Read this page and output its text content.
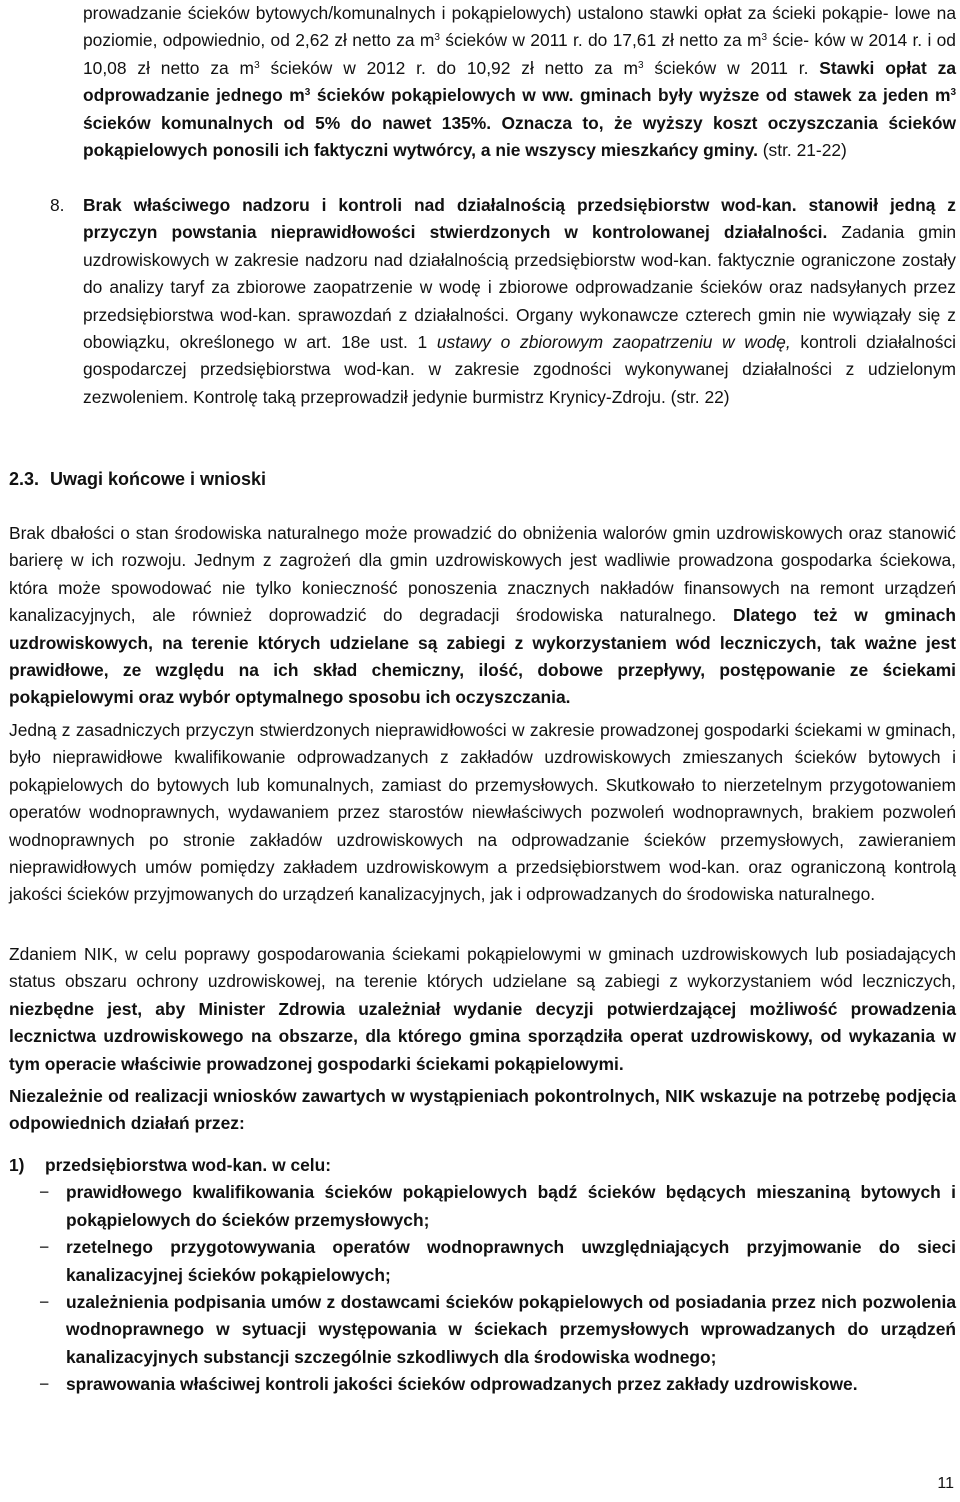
prowadzanie ścieków bytowych/komunalnych i pokąpielowych) ustalono stawki opłat za ścieki pokąpie- lowe na poziomie, odpowiednio, od 2,62 zł netto za $m^3$ ścieków w 2011 r. do 17,61 zł netto za $m^3$ ście- ków w 2014 r. i od 10,08 zł netto za $m^3$ ścieków w 2012 r. do 10,92 zł netto za $m^3$ ścieków w 2011 r. Stawki opłat za odprowadzanie jednego $m^3$ ścieków pokąpielowych w ww. gminach były wyższe od stawek za jeden $m^3$ ścieków komunalnych od 5% do nawet 135%. Oznacza to, że wyższy koszt oczyszczania ścieków pokąpielowych ponosili ich faktyczni wytwórcy, a nie wszyscy mieszkańcy gminy. (str. 21-22)

8.	Brak właściwego nadzoru i kontroli nad działalnością przedsiębiorstw wod-kan. stanowił jedną z przyczyn powstania nieprawidłowości stwierdzonych w kontrolowanej działalności. Zadania gmin uzdrowiskowych w zakresie nadzoru nad działalnością przedsiębiorstw wod-kan. faktycznie ograniczone zostały do analizy taryf za zbiorowe zaopatrzenie w wodę i zbiorowe odprowadzanie ścieków oraz nadsyłanych przez przedsiębiorstwa wod-kan. sprawozdań z działalności. Organy wykonawcze czterech gmin nie wywiązały się z obowiązku, określonego w art. 18e ust. 1 ustawy o zbiorowym zaopatrzeniu w wodę, kontroli działalności gospodarczej przedsiębiorstwa wod-kan. w zakresie zgodności wykonywanej działalności z udzielonym zezwoleniem. Kontrolę taką przeprowadził jedynie burmistrz Krynicy-Zdroju. (str. 22)

2.3. Uwagi końcowe i wnioski

Brak dbałości o stan środowiska naturalnego może prowadzić do obniżenia walorów gmin uzdrowiskowych oraz stanowić barierę w ich rozwoju. Jednym z zagrożeń dla gmin uzdrowiskowych jest wadliwie prowadzona gospodarka ściekowa, która może spowodować nie tylko konieczność ponoszenia znacznych nakładów finansowych na remont urządzeń kanalizacyjnych, ale również doprowadzić do degradacji środowiska naturalnego. Dlatego też w gminach uzdrowiskowych, na terenie których udzielane są zabiegi z wykorzystaniem wód leczniczych, tak ważne jest prawidłowe, ze względu na ich skład chemiczny, ilość, dobowe przepływy, postępowanie ze ściekami pokąpielowymi oraz wybór optymalnego sposobu ich oczyszczania.

Jedną z zasadniczych przyczyn stwierdzonych nieprawidłowości w zakresie prowadzonej gospodarki ściekami w gminach, było nieprawidłowe kwalifikowanie odprowadzanych z zakładów uzdrowiskowych zmieszanych ścieków bytowych i pokąpielowych do bytowych lub komunalnych, zamiast do przemysłowych. Skutkowało to nierzetelnym przygotowaniem operatów wodnoprawnych, wydawaniem przez starostów niewłaściwych pozwoleń wodnoprawnych, brakiem pozwoleń wodnoprawnych po stronie zakładów uzdrowiskowych na odprowadzanie ścieków przemysłowych, zawieraniem nieprawidłowych umów pomiędzy zakładem uzdrowiskowym a przedsiębiorstwem wod-kan. oraz ograniczoną kontrolą jakości ścieków przyjmowanych do urządzeń kanalizacyjnych, jak i odprowadzanych do środowiska naturalnego.

Zdaniem NIK, w celu poprawy gospodarowania ściekami pokąpielowymi w gminach uzdrowiskowych lub posiadających status obszaru ochrony uzdrowiskowej, na terenie których udzielane są zabiegi z wykorzystaniem wód leczniczych, niezbędne jest, aby Minister Zdrowia uzależniał wydanie decyzji potwierdzającej możliwość prowadzenia lecznictwa uzdrowiskowego na obszarze, dla którego gmina sporządziła operat uzdrowiskowy, od wykazania w tym operacie właściwie prowadzonej gospodarki ściekami pokąpielowymi.

Niezależnie od realizacji wniosków zawartych w wystąpieniach pokontrolnych, NIK wskazuje na potrzebę podjęcia odpowiednich działań przez:

1) przedsiębiorstwa wod-kan. w celu:
− prawidłowego kwalifikowania ścieków pokąpielowych bądź ścieków będących mieszaniną bytowych i pokąpielowych do ścieków przemysłowych;
− rzetelnego przygotowywania operatów wodnoprawnych uwzględniających przyjmowanie do sieci kanalizacyjnej ścieków pokąpielowych;
− uzależnienia podpisania umów z dostawcami ścieków pokąpielowych od posiadania przez nich pozwolenia wodnoprawnego w sytuacji występowania w ściekach przemysłowych wprowadzanych do urządzeń kanalizacyjnych substancji szczególnie szkodliwych dla środowiska wodnego;
− sprawowania właściwej kontroli jakości ścieków odprowadzanych przez zakłady uzdrowiskowe.
11
